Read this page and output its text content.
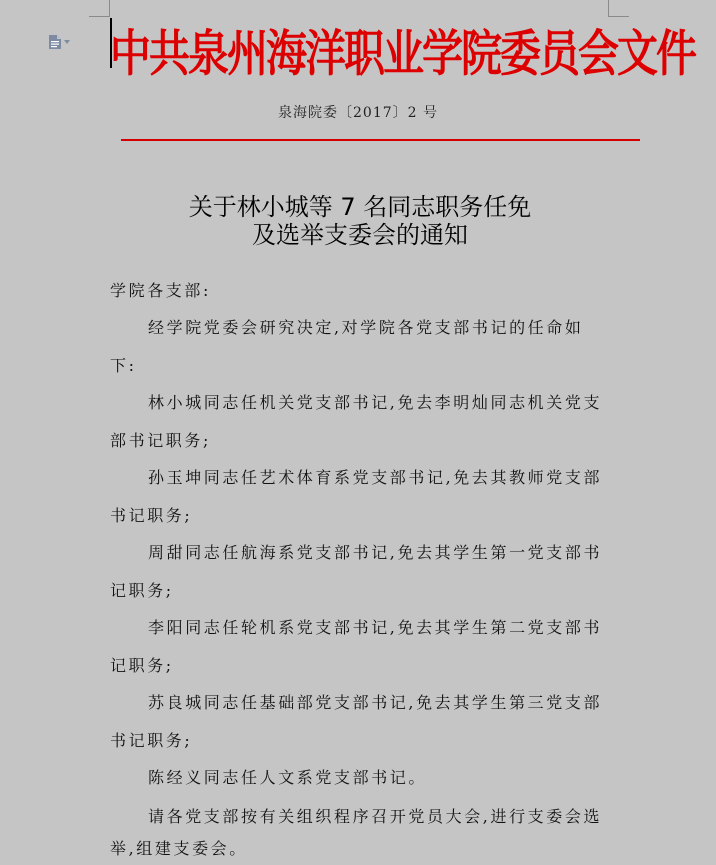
中共泉州海洋职业学院委员会文件
泉海院委〔2017〕2 号
关于林小城等 7 名同志职务任免
及选举支委会的通知

学院各支部:

经学院党委会研究决定,对学院各党支部书记的任命如下:

林小城同志任机关党支部书记,免去李明灿同志机关党支部书记职务;

孙玉坤同志任艺术体育系党支部书记,免去其教师党支部书记职务;

周甜同志任航海系党支部书记,免去其学生第一党支部书记职务;

李阳同志任轮机系党支部书记,免去其学生第二党支部书记职务;

苏良城同志任基础部党支部书记,免去其学生第三党支部书记职务;

陈经义同志任人文系党支部书记。

请各党支部按有关组织程序召开党员大会,进行支委会选举,组建支委会。
